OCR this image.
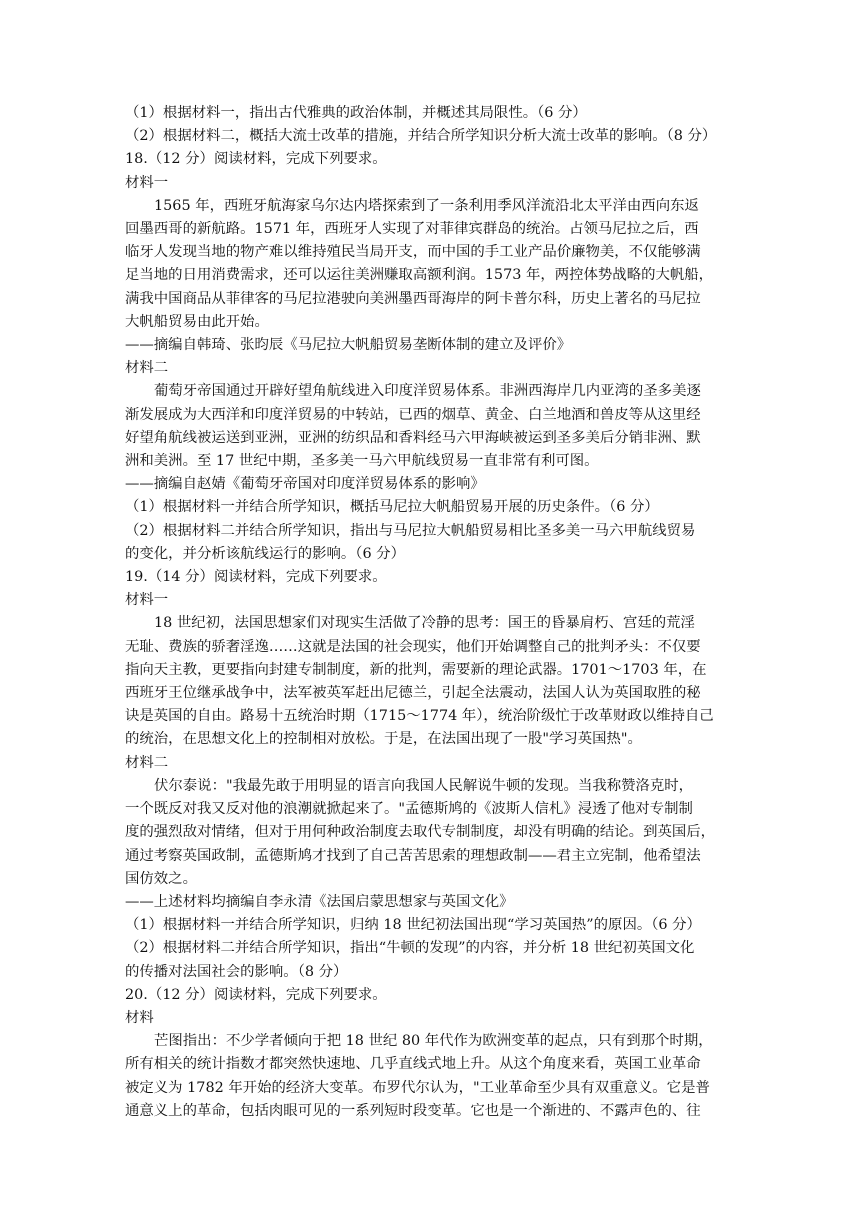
（1）根据材料一，指出古代雅典的政治体制，并概述其局限性。（6 分）
（2）根据材料二，概括大流士改革的措施，并结合所学知识分析大流士改革的影响。（8 分）
18.（12 分）阅读材料，完成下列要求。
材料一
1565 年，西班牙航海家乌尔达内塔探索到了一条利用季风洋流沿北太平洋由西向东返
回墨西哥的新航路。1571 年，西班牙人实现了对菲律宾群岛的统治。占领马尼拉之后，西
临牙人发现当地的物产难以维持殖民当局开支，而中国的手工业产品价廉物美，不仅能够满
足当地的日用消费需求，还可以运往美洲赚取高额利润。1573 年，两控体势战略的大帆船，
满我中国商品从菲律客的马尼拉港驶向美洲墨西哥海岸的阿卡普尔科，历史上著名的马尼拉
大帆船贸易由此开始。
——摘编自韩琦、张昀辰《马尼拉大帆船贸易垄断体制的建立及评价》
材料二
葡萄牙帝国通过开辟好望角航线进入印度洋贸易体系。非洲西海岸几内亚湾的圣多美逐
渐发展成为大西洋和印度洋贸易的中转站，已西的烟草、黄金、白兰地酒和兽皮等从这里经
好望角航线被运送到亚洲，亚洲的纺织品和香料经马六甲海峡被运到圣多美后分销非洲、默
洲和美洲。至 17 世纪中期，圣多美一马六甲航线贸易一直非常有利可图。
——摘编自赵婧《葡萄牙帝国对印度洋贸易体系的影响》
（1）根据材料一并结合所学知识，概括马尼拉大帆船贸易开展的历史条件。（6 分）
（2）根据材料二并结合所学知识，指出与马尼拉大帆船贸易相比圣多美一马六甲航线贸易
的变化，并分析该航线运行的影响。（6 分）
19.（14 分）阅读材料，完成下列要求。
材料一
18 世纪初，法国思想家们对现实生活做了冷静的思考：国王的昏暴肩朽、宫廷的荒淫
无耻、费族的骄奢淫逸……这就是法国的社会现实，他们开始调整自己的批判矛头：不仅要
指向天主教，更要指向封建专制制度，新的批判，需要新的理论武器。1701～1703 年，在
西班牙王位继承战争中，法军被英军赶出尼德兰，引起全法震动，法国人认为英国取胜的秘
诀是英国的自由。路易十五统治时期（1715～1774 年），统治阶级忙于改革财政以维持自己
的统治，在思想文化上的控制相对放松。于是，在法国出现了一股"学习英国热"。
材料二
伏尔泰说："我最先敢于用明显的语言向我国人民解说牛顿的发现。当我称赞洛克时，
一个既反对我又反对他的浪潮就掀起来了。"孟德斯鸠的《波斯人信札》浸透了他对专制制
度的强烈敌对情绪，但对于用何种政治制度去取代专制制度，却没有明确的结论。到英国后，
通过考察英国政制，孟德斯鸠才找到了自己苦苦思索的理想政制——君主立宪制，他希望法
国仿效之。
——上述材料均摘编自李永清《法国启蒙思想家与英国文化》
（1）根据材料一并结合所学知识，归纳 18 世纪初法国出现“学习英国热”的原因。（6 分）
（2）根据材料二并结合所学知识，指出“牛顿的发现”的内容，并分析 18 世纪初英国文化
的传播对法国社会的影响。（8 分）
20.（12 分）阅读材料，完成下列要求。
材料
芒图指出：不少学者倾向于把 18 世纪 80 年代作为欧洲变革的起点，只有到那个时期，
所有相关的统计指数才都突然快速地、几乎直线式地上升。从这个角度来看，英国工业革命
被定义为 1782 年开始的经济大变革。布罗代尔认为，"工业革命至少具有双重意义。它是普
通意义上的革命，包括肉眼可见的一系列短时段变革。它也是一个渐进的、不露声色的、往
